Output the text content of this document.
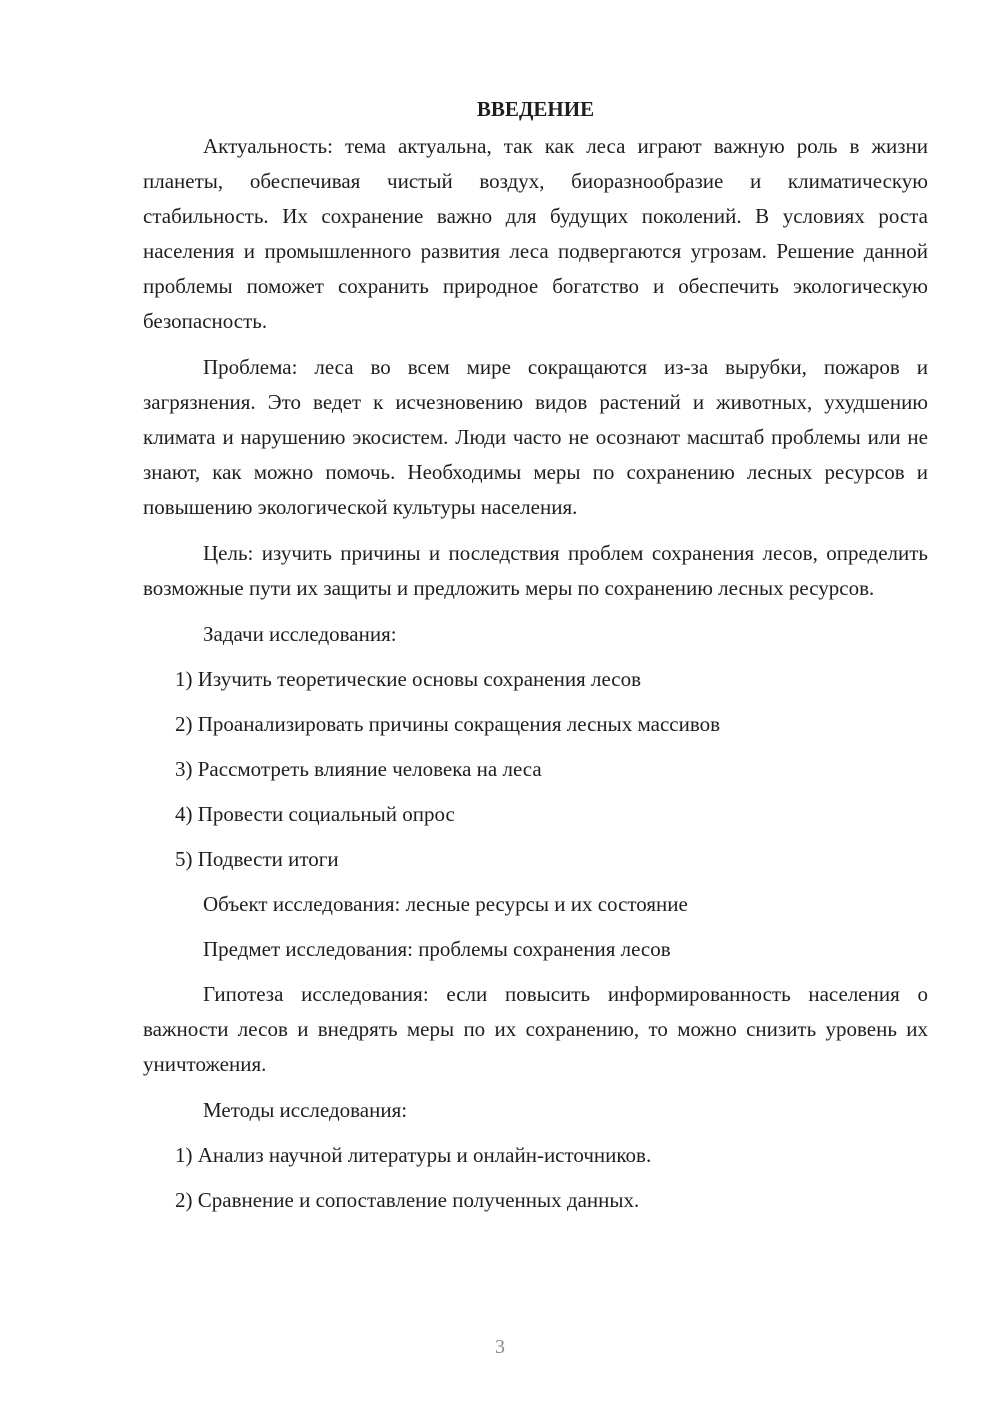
ВВЕДЕНИЕ

Актуальность: тема актуальна, так как леса играют важную роль в жизни планеты, обеспечивая чистый воздух, биоразнообразие и климатическую стабильность. Их сохранение важно для будущих поколений. В условиях роста населения и промышленного развития леса подвергаются угрозам. Решение данной проблемы поможет сохранить природное богатство и обеспечить экологическую безопасность.

Проблема: леса во всем мире сокращаются из-за вырубки, пожаров и загрязнения. Это ведет к исчезновению видов растений и животных, ухудшению климата и нарушению экосистем. Люди часто не осознают масштаб проблемы или не знают, как можно помочь. Необходимы меры по сохранению лесных ресурсов и повышению экологической культуры населения.

Цель: изучить причины и последствия проблем сохранения лесов, определить возможные пути их защиты и предложить меры по сохранению лесных ресурсов.

Задачи исследования:
1) Изучить теоретические основы сохранения лесов
2) Проанализировать причины сокращения лесных массивов
3) Рассмотреть влияние человека на леса
4) Провести социальный опрос
5) Подвести итоги
Объект исследования: лесные ресурсы и их состояние
Предмет исследования: проблемы сохранения лесов

Гипотеза исследования: если повысить информированность населения о важности лесов и внедрять меры по их сохранению, то можно снизить уровень их уничтожения.

Методы исследования:
1) Анализ научной литературы и онлайн-источников.
2) Сравнение и сопоставление полученных данных.
3
